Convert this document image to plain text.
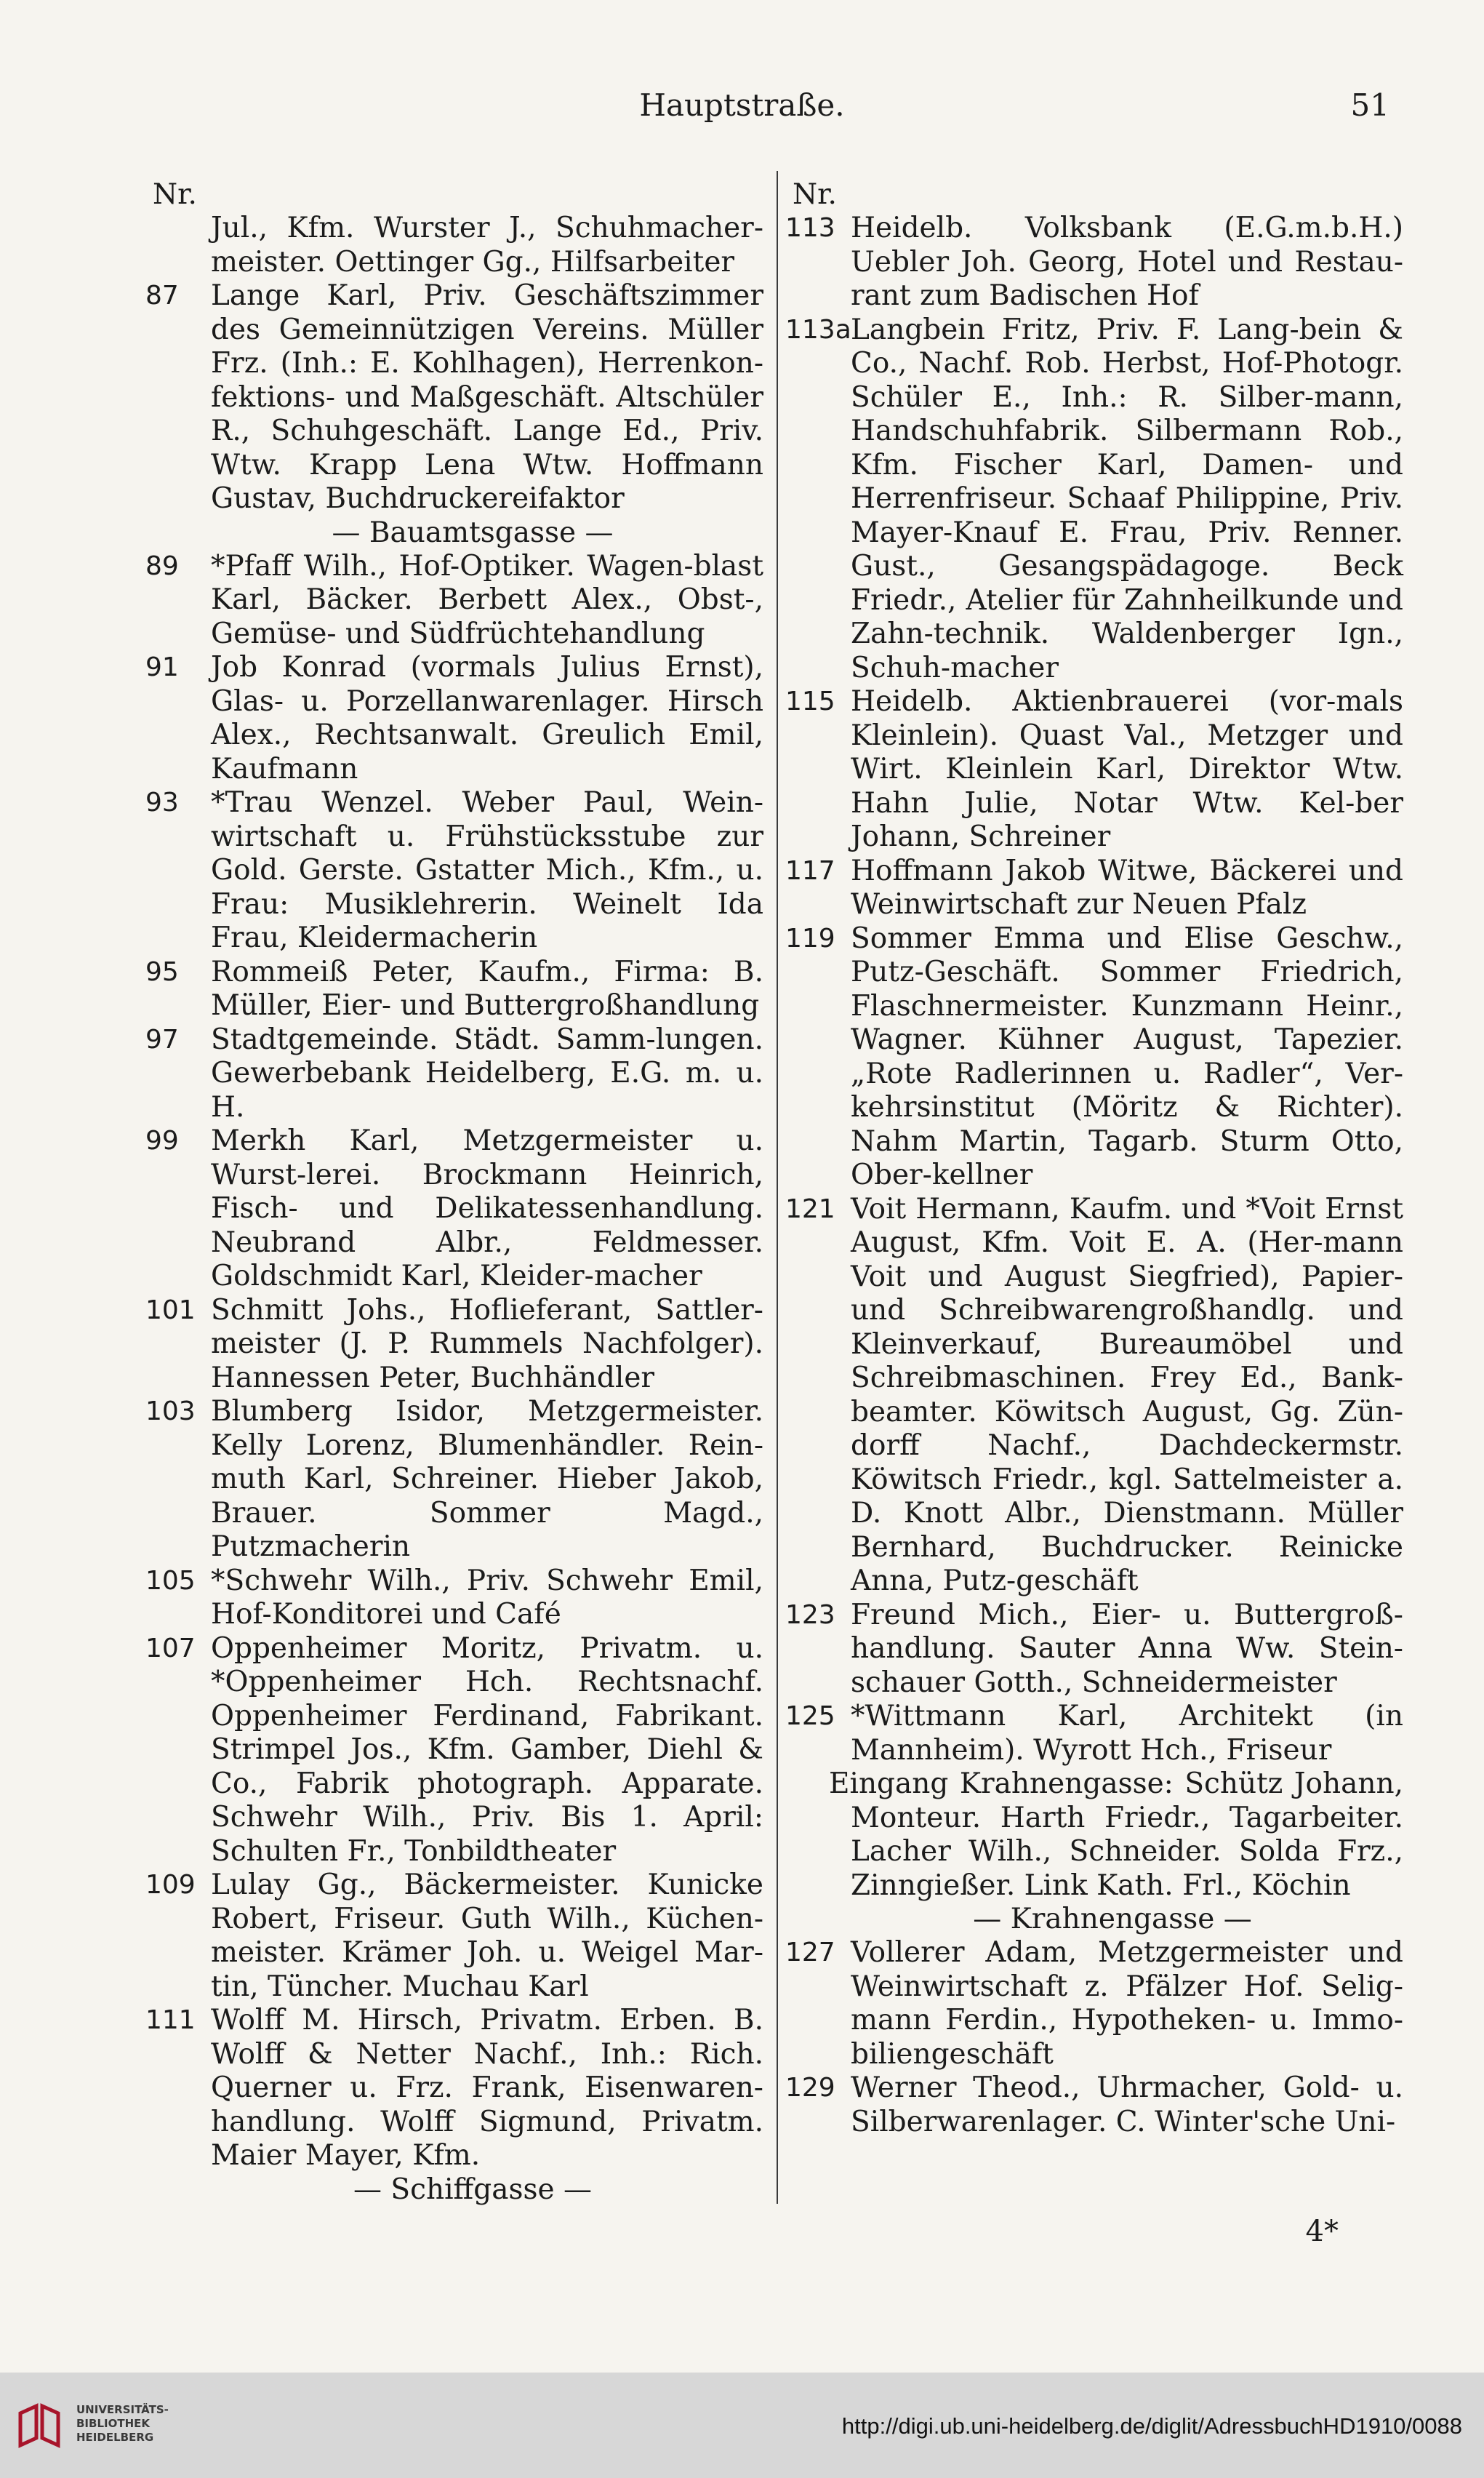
Hauptstraße.	51
Nr.
Jul., Kfm. Wurster J., Schuhmacher-meister. Oettinger Gg., Hilfsarbeiter
87	Lange Karl, Priv. Geschäftszimmer des Gemeinnützigen Vereins. Müller Frz. (Inh.: E. Kohlhagen), Herrenkon-fektions- und Maßgeschäft. Altschüler R., Schuhgeschäft. Lange Ed., Priv. Wtw. Krapp Lena Wtw. Hoffmann Gustav, Buchdruckereifaktor
— Bauamtsgasse —
89	*Pfaff Wilh., Hof-Optiker. Wagen-blast Karl, Bäcker. Berbett Alex., Obst-, Gemüse- und Südfrüchtehandlung
91	Job Konrad (vormals Julius Ernst), Glas- u. Porzellanwarenlager. Hirsch Alex., Rechtsanwalt. Greulich Emil, Kaufmann
93	*Trau Wenzel. Weber Paul, Wein-wirtschaft u. Frühstücksstube zur Gold. Gerste. Gstatter Mich., Kfm., u. Frau: Musiklehrerin. Weinelt Ida Frau, Kleidermacherin
95	Rommeiß Peter, Kaufm., Firma: B. Müller, Eier- und Buttergroßhandlung
97	Stadtgemeinde. Städt. Samm-lungen. Gewerbebank Heidelberg, E.G. m. u. H.
99	Merkh Karl, Metzgermeister u. Wurst-lerei. Brockmann Heinrich, Fisch- und Delikatessenhandlung. Neubrand Albr., Feldmesser. Goldschmidt Karl, Kleider-macher
101 Schmitt Johs., Hoflieferant, Sattler-meister (J. P. Rummels Nachfolger). Hannessen Peter, Buchhändler
103 Blumberg Isidor, Metzgermeister. Kelly Lorenz, Blumenhändler. Rein-muth Karl, Schreiner. Hieber Jakob, Brauer. Sommer Magd., Putzmacherin
105 *Schwehr Wilh., Priv. Schwehr Emil, Hof-Konditorei und Café
107 Oppenheimer Moritz, Privatm. u. *Oppenheimer Hch. Rechtsnachf. Oppenheimer Ferdinand, Fabrikant. Strimpel Jos., Kfm. Gamber, Diehl & Co., Fabrik photograph. Apparate. Schwehr Wilh., Priv. Bis 1. April: Schulten Fr., Tonbildtheater
109 Lulay Gg., Bäckermeister. Kunicke Robert, Friseur. Guth Wilh., Küchen-meister. Krämer Joh. u. Weigel Mar-tin, Tüncher. Muchau Karl
111 Wolff M. Hirsch, Privatm. Erben. B. Wolff & Netter Nachf., Inh.: Rich. Querner u. Frz. Frank, Eisenwaren-handlung. Wolff Sigmund, Privatm. Maier Mayer, Kfm.
— Schiffgasse —
Nr.
113 Heidelb. Volksbank (E.G.m.b.H.) Uebler Joh. Georg, Hotel und Restau-rant zum Badischen Hof
113a Langbein Fritz, Priv. F. Lang-bein & Co., Nachf. Rob. Herbst, Hof-Photogr. Schüler E., Inh.: R. Silber-mann, Handschuhfabrik. Silbermann Rob., Kfm. Fischer Karl, Damen- und Herrenfriseur. Schaaf Philippine, Priv. Mayer-Knauf E. Frau, Priv. Renner. Gust., Gesangspädagoge. Beck Friedr., Atelier für Zahnheilkunde und Zahn-technik. Waldenberger Ign., Schuh-macher
115 Heidelb. Aktienbrauerei (vor-mals Kleinlein). Quast Val., Metzger und Wirt. Kleinlein Karl, Direktor Wtw. Hahn Julie, Notar Wtw. Kel-ber Johann, Schreiner
117 Hoffmann Jakob Witwe, Bäckerei und Weinwirtschaft zur Neuen Pfalz
119 Sommer Emma und Elise Geschw., Putz-Geschäft. Sommer Friedrich, Flaschnermeister. Kunzmann Heinr., Wagner. Kühner August, Tapezier. „Rote Radlerinnen u. Radler“, Ver-kehrsinstitut (Möritz & Richter). Nahm Martin, Tagarb. Sturm Otto, Ober-kellner
121 Voit Hermann, Kaufm. und *Voit Ernst August, Kfm. Voit E. A. (Her-mann Voit und August Siegfried), Papier- und Schreibwarengroßhandlg. und Kleinverkauf, Bureaumöbel und Schreibmaschinen. Frey Ed., Bank-beamter. Köwitsch August, Gg. Zün-dorff Nachf., Dachdeckermstr. Köwitsch Friedr., kgl. Sattelmeister a. D. Knott Albr., Dienstmann. Müller Bernhard, Buchdrucker. Reinicke Anna, Putz-geschäft
123 Freund Mich., Eier- u. Buttergroß-handlung. Sauter Anna Ww. Stein-schauer Gotth., Schneidermeister
125 *Wittmann Karl, Architekt (in Mannheim). Wyrott Hch., Friseur
Eingang Krahnengasse: Schütz Johann, Monteur. Harth Friedr., Tagarbeiter. Lacher Wilh., Schneider. Solda Frz., Zinngießer. Link Kath. Frl., Köchin
— Krahnengasse —
127 Vollerer Adam, Metzgermeister und Weinwirtschaft z. Pfälzer Hof. Selig-mann Ferdin., Hypotheken- u. Immo-biliengeschäft
129 Werner Theod., Uhrmacher, Gold- u. Silberwarenlager. C. Winter'sche Uni-
4*
UNIVERSITÄTS-
BIBLIOTHEK
HEIDELBERG	http://digi.ub.uni-heidelberg.de/diglit/AdressbuchHD1910/0088
